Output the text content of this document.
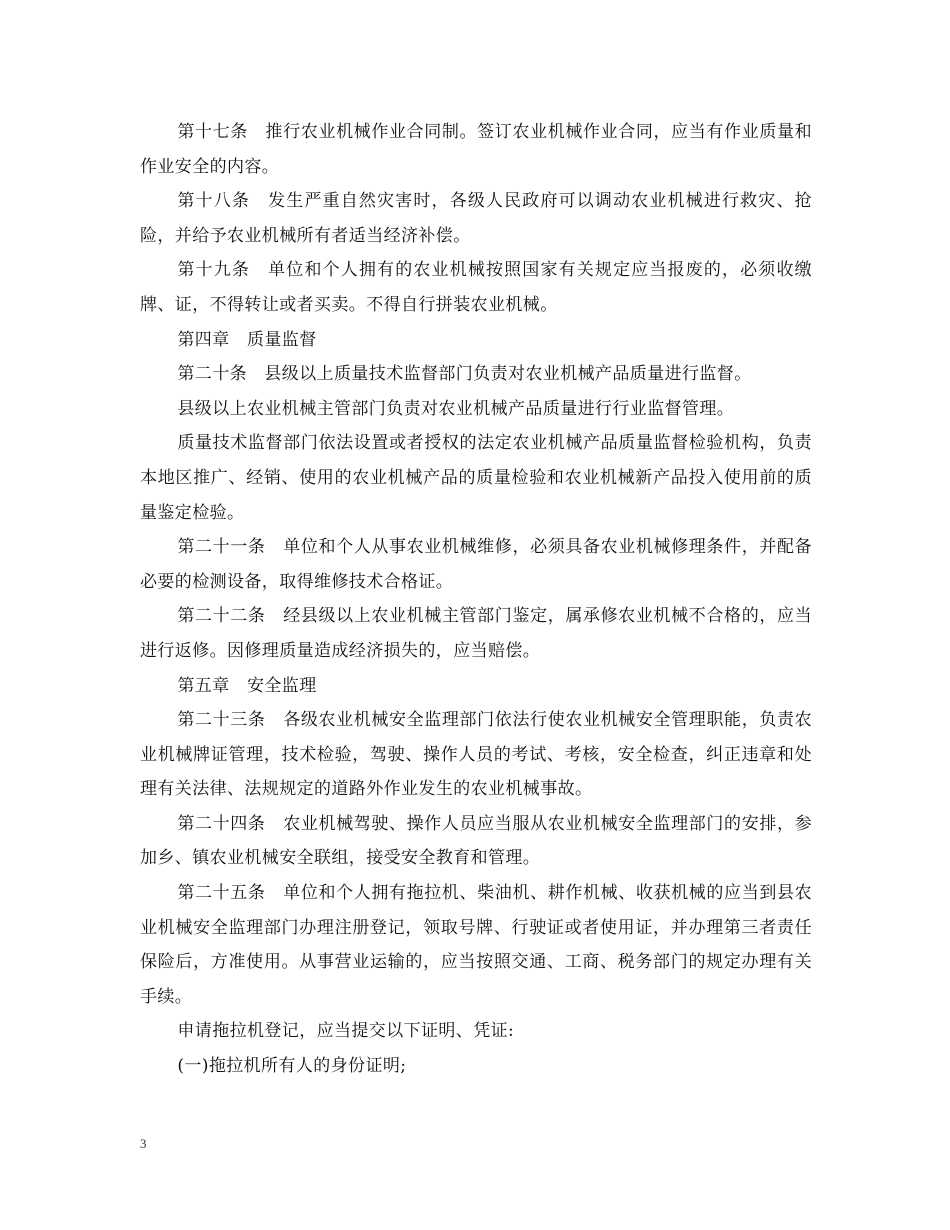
第十七条　推行农业机械作业合同制。签订农业机械作业合同，应当有作业质量和作业安全的内容。

第十八条　发生严重自然灾害时，各级人民政府可以调动农业机械进行救灾、抢险，并给予农业机械所有者适当经济补偿。

第十九条　单位和个人拥有的农业机械按照国家有关规定应当报废的，必须收缴牌、证，不得转让或者买卖。不得自行拼装农业机械。

第四章　质量监督

第二十条　县级以上质量技术监督部门负责对农业机械产品质量进行监督。

县级以上农业机械主管部门负责对农业机械产品质量进行行业监督管理。

质量技术监督部门依法设置或者授权的法定农业机械产品质量监督检验机构，负责本地区推广、经销、使用的农业机械产品的质量检验和农业机械新产品投入使用前的质量鉴定检验。

第二十一条　单位和个人从事农业机械维修，必须具备农业机械修理条件，并配备必要的检测设备，取得维修技术合格证。

第二十二条　经县级以上农业机械主管部门鉴定，属承修农业机械不合格的，应当进行返修。因修理质量造成经济损失的，应当赔偿。

第五章　安全监理

第二十三条　各级农业机械安全监理部门依法行使农业机械安全管理职能，负责农业机械牌证管理，技术检验，驾驶、操作人员的考试、考核，安全检查，纠正违章和处理有关法律、法规规定的道路外作业发生的农业机械事故。

第二十四条　农业机械驾驶、操作人员应当服从农业机械安全监理部门的安排，参加乡、镇农业机械安全联组，接受安全教育和管理。

第二十五条　单位和个人拥有拖拉机、柴油机、耕作机械、收获机械的应当到县农业机械安全监理部门办理注册登记，领取号牌、行驶证或者使用证，并办理第三者责任保险后，方准使用。从事营业运输的，应当按照交通、工商、税务部门的规定办理有关手续。

申请拖拉机登记，应当提交以下证明、凭证:

(一)拖拉机所有人的身份证明;

3
